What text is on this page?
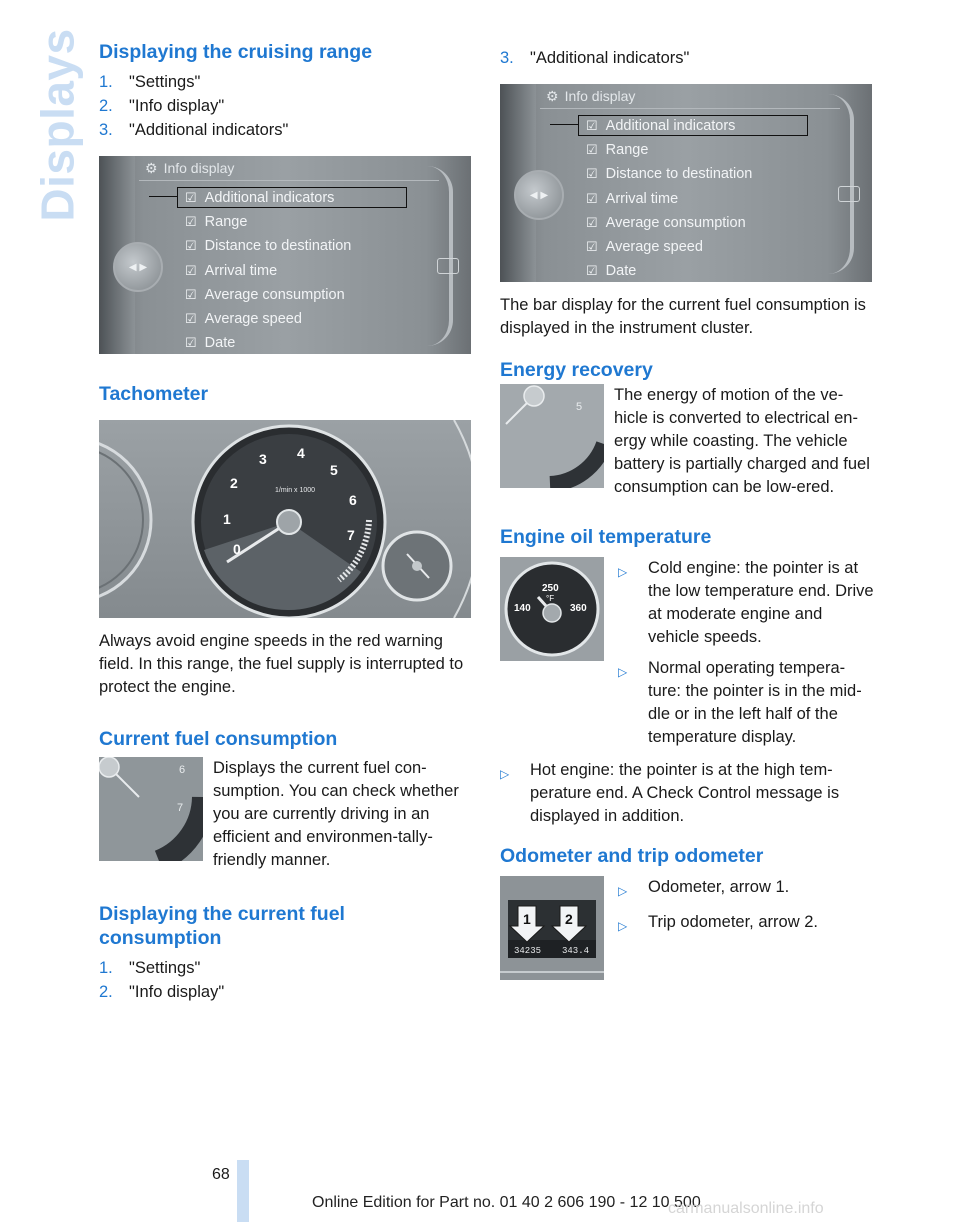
Displays Displaying the cruising range
1. "Settings"
2. "Info display"
3. "Additional indicators"
◀ ▶
⚙ Info display
☑ Additional indicators
☑ Range
☑ Distance to destination
☑ Arrival time
☑ Average consumption
☑ Average speed
☑ Date
Tachometer
0
1
2
3 4
5
6
7
1/min x 1000

Always avoid engine speeds in the red warning field. In this range, the fuel supply is interrupted to protect the engine.

Current fuel consumption
6
7

Displays the current fuel con-sumption. You can check whether you are currently driving in an efficient and environmen-tally-friendly manner.

Displaying the current fuel consumption
1. "Settings"
2. "Info display"
3. "Additional indicators"
◀ ▶
⚙ Info display
☑ Additional indicators
☑ Range
☑ Distance to destination
☑ Arrival time
☑ Average consumption
☑ Average speed
☑ Date

The bar display for the current fuel consumption is displayed in the instrument cluster.

Energy recovery
5

The energy of motion of the ve-hicle is converted to electrical en-ergy while coasting. The vehicle battery is partially charged and fuel consumption can be low-ered.

Engine oil temperature
250
°F
140	360
▷	Cold engine: the pointer is at the low temperature end. Drive at moderate engine and vehicle speeds.
▷	Normal operating tempera-ture: the pointer is in the mid-dle or in the left half of the temperature display.
▷	Hot engine: the pointer is at the high tem-perature end. A Check Control message is displayed in addition.
Odometer and trip odometer
1 2
34235 343.4
▷	Odometer, arrow 1.
▷	Trip odometer, arrow 2.
68
Online Edition for Part no. 01 40 2 606 190 - 12 10 500
carmanualsonline.info
